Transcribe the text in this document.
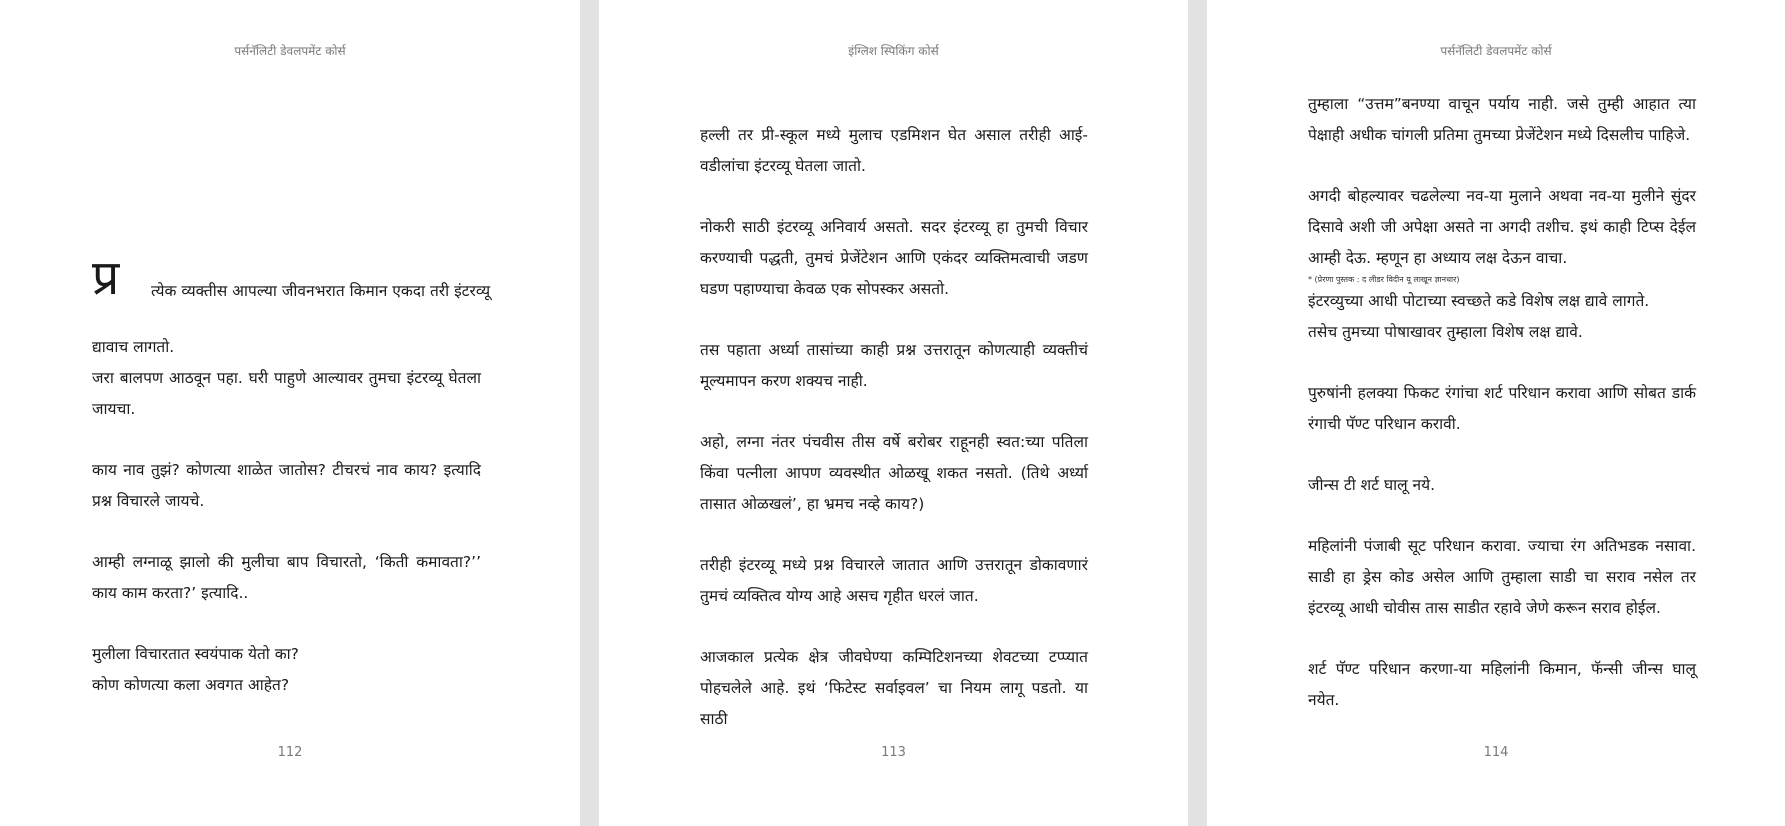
पर्सनॅलिटी डेवलपमेंट कोर्स
प्र त्येक व्यक्तीस आपल्या जीवनभरात किमान एकदा तरी इंटरव्यू

द्यावाच लागतो.

जरा बालपण आठवून पहा. घरी पाहुणे आल्यावर तुमचा इंटरव्यू घेतला जायचा.

काय नाव तुझं? कोणत्या शाळेत जातोस? टीचरचं नाव काय? इत्यादि प्रश्न विचारले जायचे.

आम्ही लग्नाळू झालो की मुलीचा बाप विचारतो, ‘किती कमावता?’’ काय काम करता?’ इत्यादि..

मुलीला विचारतात स्वयंपाक येतो का?

कोण कोणत्या कला अवगत आहेत?

112
इंग्लिश स्पिकिंग कोर्स

हल्ली तर प्री-स्कूल मध्ये मुलाच एडमिशन घेत असाल तरीही आई-वडीलांचा इंटरव्यू घेतला जातो.

नोकरी साठी इंटरव्यू अनिवार्य असतो. सदर इंटरव्यू हा तुमची विचार करण्याची पद्धती, तुमचं प्रेजेंटेशन आणि एकंदर व्यक्तिमत्वाची जडण घडण पहाण्याचा केवळ एक सोपस्कर असतो.

तस पहाता अर्ध्या तासांच्या काही प्रश्न उत्तरातून कोणत्याही व्यक्तीचं मूल्यमापन करण शक्यच नाही.

अहो, लग्ना नंतर पंचवीस तीस वर्षे बरोबर राहूनही स्वत:च्या पतिला किंवा पत्नीला आपण व्यवस्थीत ओळखू शकत नसतो. (तिथे अर्ध्या तासात ओळखलं’, हा भ्रमच नव्हे काय?)

तरीही इंटरव्यू मध्ये प्रश्न विचारले जातात आणि उत्तरातून डोकावणारं तुमचं व्यक्तित्व योग्य आहे असच गृहीत धरलं जात.

आजकाल प्रत्येक क्षेत्र जीवघेण्या कम्पिटिशनच्या शेवटच्या टप्प्यात पोहचलेले आहे. इथं ‘फिटेस्ट सर्वाइवल’ चा नियम लागू पडतो. या साठी

113
पर्सनॅलिटी डेवलपमेंट कोर्स

तुम्हाला “उत्तम”बनण्या वाचून पर्याय नाही. जसे तुम्ही आहात त्या पेक्षाही अधीक चांगली प्रतिमा तुमच्या प्रेजेंटेशन मध्ये दिसलीच पाहिजे.

अगदी बोहल्यावर चढलेल्या नव-या मुलाने अथवा नव-या मुलीने सुंदर दिसावे अशी जी अपेक्षा असते ना अगदी तशीच. इथं काही टिप्स देईल आम्ही देऊ. म्हणून हा अध्याय लक्ष देऊन वाचा.

* (प्रेरणा पुस्तक : द लीडर विदीन यू लाखून ज्ञानधार)

इंटरव्युच्या आधी पोटाच्या स्वच्छते कडे विशेष लक्ष द्यावे लागते.

तसेच तुमच्या पोषाखावर तुम्हाला विशेष लक्ष द्यावे.

पुरुषांनी हलक्या फिकट रंगांचा शर्ट परिधान करावा आणि सोबत डार्क रंगाची पॅण्ट परिधान करावी.

जीन्स टी शर्ट घालू नये.

महिलांनी पंजाबी सूट परिधान करावा. ज्याचा रंग अतिभडक नसावा. साडी हा ड्रेस कोड असेल आणि तुम्हाला साडी चा सराव नसेल तर इंटरव्यू आधी चोवीस तास साडीत रहावे जेणे करून सराव होईल.

शर्ट पॅण्ट परिधान करणा-या महिलांनी किमान, फॅन्सी जीन्स घालू नयेत.

114
